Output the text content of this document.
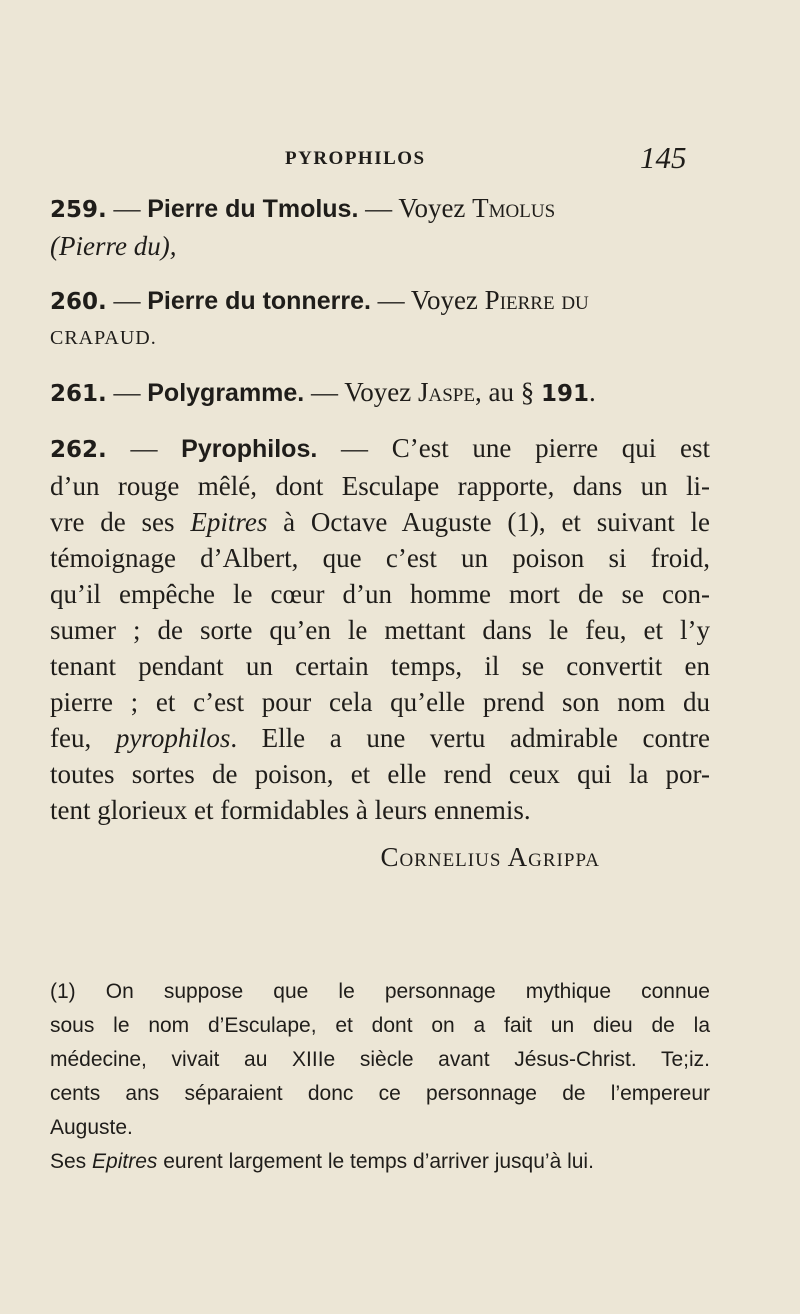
PYROPHILOS	145
259. — Pierre du Tmolus. — Voyez Tmolus
(Pierre du),
260. — Pierre du tonnerre. — Voyez Pierre du
CRAPAUD.
261. — Polygramme. — Voyez Jaspe, au § 191.
262. — Pyrophilos. — C’est une pierre qui est
d’un rouge mêlé, dont Esculape rapporte, dans un li-
vre de ses Epitres à Octave Auguste (1), et suivant le
témoignage d’Albert, que c’est un poison si froid,
qu’il empêche le cœur d’un homme mort de se con-
sumer ; de sorte qu’en le mettant dans le feu, et l’y
tenant pendant un certain temps, il se convertit en
pierre ; et c’est pour cela qu’elle prend son nom du
feu, pyrophilos. Elle a une vertu admirable contre
toutes sortes de poison, et elle rend ceux qui la por-
tent glorieux et formidables à leurs ennemis.
Cornelius Agrippa
(1) On suppose que le personnage mythique connue
sous le nom d’Esculape, et dont on a fait un dieu de la
médecine, vivait au XIIIe siècle avant Jésus-Christ. Te;iz.
cents ans séparaient donc ce personnage de l’empereur
Auguste.
Ses Epitres eurent largement le temps d’arriver jusqu’à lui.
